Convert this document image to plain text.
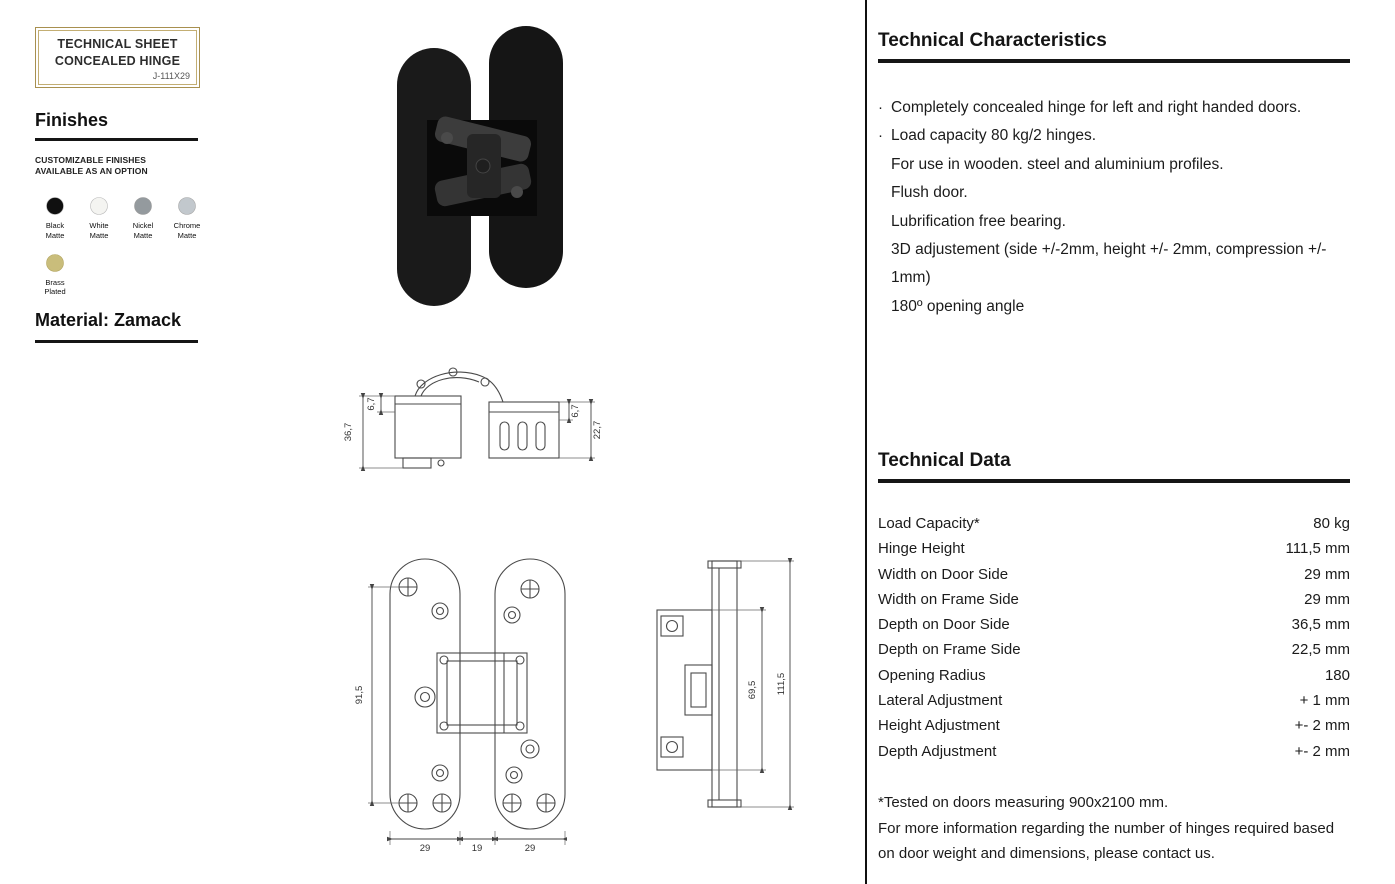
TECHNICAL SHEET
CONCEALED HINGE
J-111X29
Finishes
CUSTOMIZABLE FINISHES
AVAILABLE AS AN OPTION
Black
Matte
White
Matte
Nickel
Matte
Chrome
Matte
Brass
Plated
Material: Zamack
36,7
6,7
6,7
22,7
91,5
29	19	29
69,5 111,5
Technical Characteristics
· Completely concealed hinge for left and right handed doors.
· Load capacity 80 kg/2 hinges.
For use in wooden. steel and aluminium profiles.
Flush door.
Lubrification free bearing.
3D adjustement (side +/-2mm, height +/- 2mm, compression +/- 1mm)
180º opening angle
Technical Data
Load Capacity*	80 kg
Hinge Height	111,5 mm
Width on Door Side	29 mm
Width on Frame Side	29 mm
Depth on Door Side	36,5 mm
Depth on Frame Side	22,5 mm
Opening Radius	180
Lateral Adjustment	+ 1 mm
Height Adjustment	+- 2 mm
Depth Adjustment	+- 2 mm
*Tested on doors measuring 900x2100 mm.
For more information regarding the number of hinges required based on door weight and dimensions, please contact us.
